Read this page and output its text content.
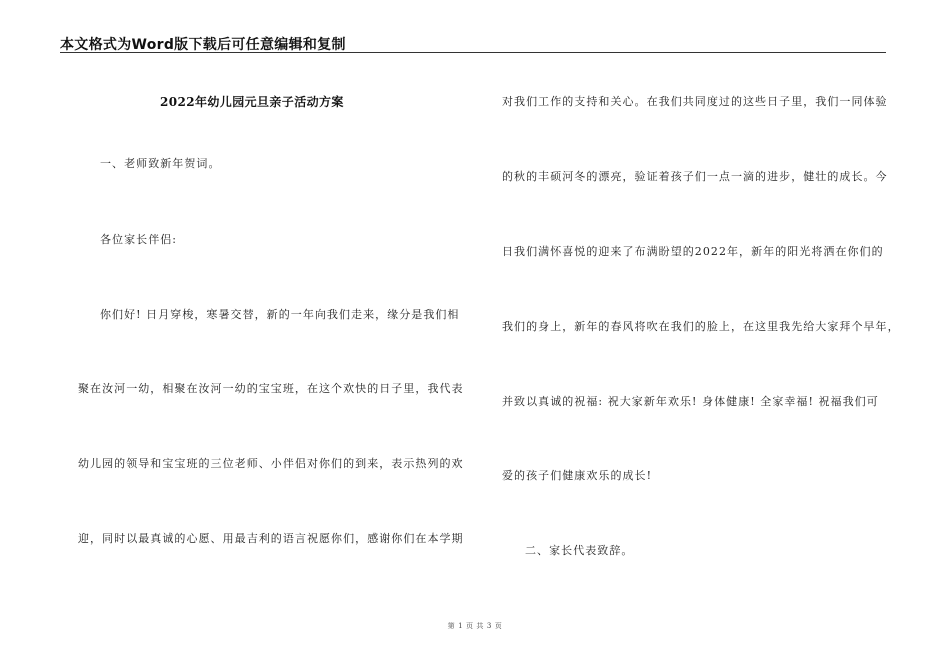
本文格式为Word版下载后可任意编辑和复制
2022年幼儿园元旦亲子活动方案
一、老师致新年贺词。
各位家长伴侣:
你们好! 日月穿梭，寒暑交替，新的一年向我们走来，缘分是我们相
聚在汝河一幼，相聚在汝河一幼的宝宝班，在这个欢快的日子里，我代表
幼儿园的领导和宝宝班的三位老师、小伴侣对你们的到来，表示热列的欢
迎，同时以最真诚的心愿、用最吉利的语言祝愿你们，感谢你们在本学期
对我们工作的支持和关心。在我们共同度过的这些日子里，我们一同体验
的秋的丰硕河冬的漂亮，验证着孩子们一点一滴的进步，健壮的成长。今
日我们满怀喜悦的迎来了布满盼望的2022年，新年的阳光将洒在你们的
我们的身上，新年的春风将吹在我们的脸上，在这里我先给大家拜个早年，
并致以真诚的祝福: 祝大家新年欢乐! 身体健康! 全家幸福! 祝福我们可
爱的孩子们健康欢乐的成长!
二、家长代表致辞。
第 1 页 共 3 页
